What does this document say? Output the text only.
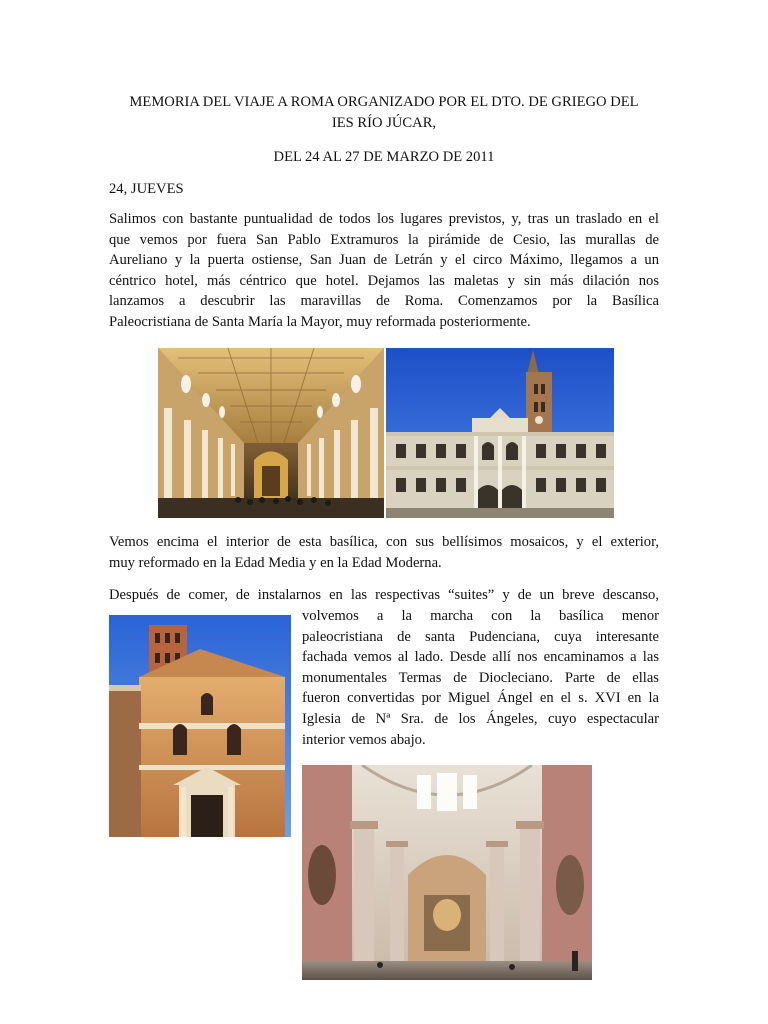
MEMORIA DEL VIAJE A ROMA ORGANIZADO POR EL DTO. DE GRIEGO DEL
IES RÍO JÚCAR,
DEL 24 AL 27 DE MARZO DE 2011
24, JUEVES

Salimos con bastante puntualidad de todos los lugares previstos, y, tras un traslado en el

que vemos por fuera San Pablo Extramuros la pirámide de Cesio, las murallas de

Aureliano y la puerta ostiense, San Juan de Letrán y el circo Máximo, llegamos a un

céntrico hotel, más céntrico que hotel. Dejamos las maletas y sin más dilación nos

lanzamos a descubrir las maravillas de Roma. Comenzamos por la Basílica

Paleocristiana de Santa María la Mayor, muy reformada posteriormente.

Vemos encima el interior de esta basílica, con sus bellísimos mosaicos, y el exterior,

muy reformado en la Edad Media y en la Edad Moderna.

Después de comer, de instalarnos en las respectivas “suites” y de un breve descanso,

volvemos a la marcha con la basílica menor

paleocristiana de santa Pudenciana, cuya interesante

fachada vemos al lado. Desde allí nos encaminamos a las

monumentales Termas de Diocleciano. Parte de ellas

fueron convertidas por Miguel Ángel en el s. XVI en la

Iglesia de Nª Sra. de los Ángeles, cuyo espectacular

interior vemos abajo.
